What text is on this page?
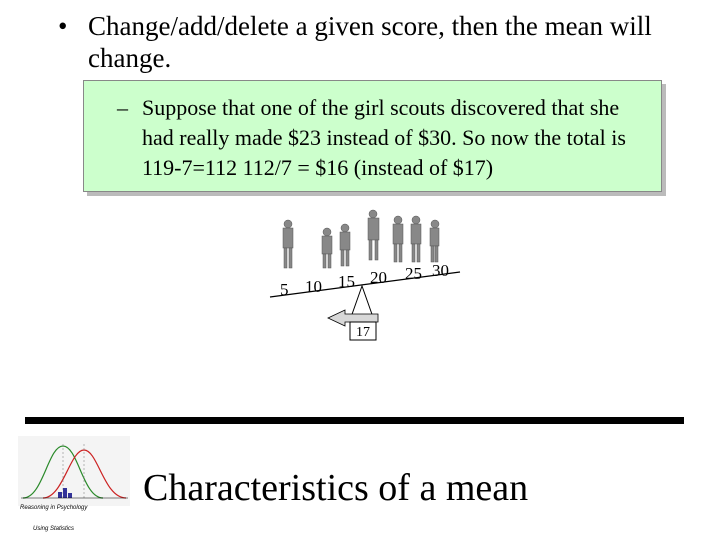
• Change/add/delete a given score, then the mean will change.
– Suppose that one of the girl scouts discovered that she had really made $23 instead of $30. So now the total is 119-7=112 112/7 = $16 (instead of $17)
5 10 15 20 25 30
17
Reasoning in Psychology
Using Statistics
Characteristics of a mean
